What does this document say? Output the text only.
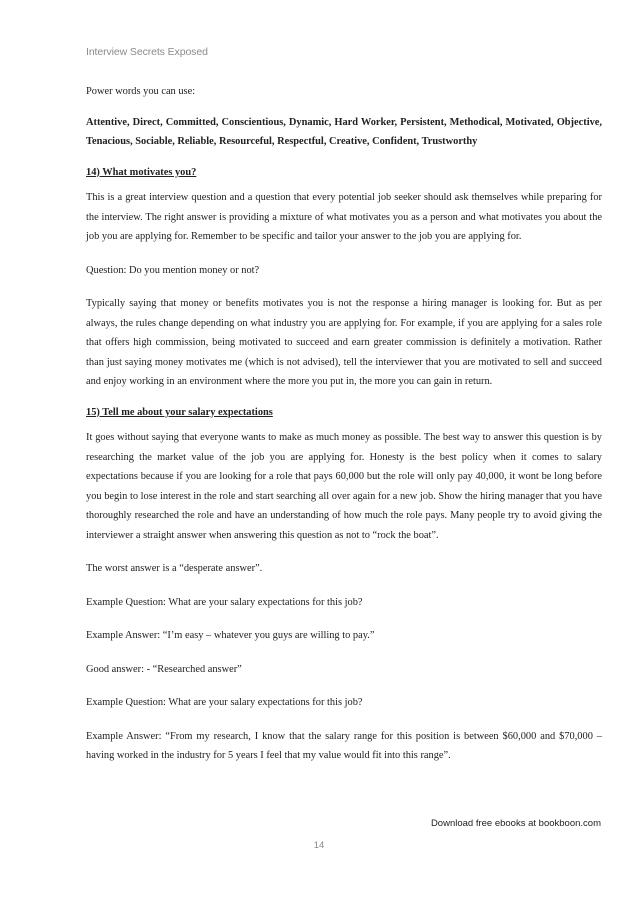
Interview Secrets Exposed

Power words you can use:

Attentive, Direct, Committed, Conscientious, Dynamic, Hard Worker, Persistent, Methodical, Motivated, Objective, Tenacious, Sociable, Reliable, Resourceful, Respectful, Creative, Confident, Trustworthy

14) What motivates you?

This is a great interview question and a question that every potential job seeker should ask themselves while preparing for the interview. The right answer is providing a mixture of what motivates you as a person and what motivates you about the job you are applying for. Remember to be specific and tailor your answer to the job you are applying for.

Question: Do you mention money or not?

Typically saying that money or benefits motivates you is not the response a hiring manager is looking for. But as per always, the rules change depending on what industry you are applying for. For example, if you are applying for a sales role that offers high commission, being motivated to succeed and earn greater commission is definitely a motivation. Rather than just saying money motivates me (which is not advised), tell the interviewer that you are motivated to sell and succeed and enjoy working in an environment where the more you put in, the more you can gain in return.

15) Tell me about your salary expectations

It goes without saying that everyone wants to make as much money as possible. The best way to answer this question is by researching the market value of the job you are applying for. Honesty is the best policy when it comes to salary expectations because if you are looking for a role that pays 60,000 but the role will only pay 40,000, it wont be long before you begin to lose interest in the role and start searching all over again for a new job. Show the hiring manager that you have thoroughly researched the role and have an understanding of how much the role pays. Many people try to avoid giving the interviewer a straight answer when answering this question as not to “rock the boat”.

The worst answer is a “desperate answer”.

Example Question: What are your salary expectations for this job?

Example Answer: “I’m easy – whatever you guys are willing to pay.”

Good answer: - “Researched answer”

Example Question: What are your salary expectations for this job?

Example Answer: “From my research, I know that the salary range for this position is between $60,000 and $70,000 – having worked in the industry for 5 years I feel that my value would fit into this range”.

Download free ebooks at bookboon.com
14
